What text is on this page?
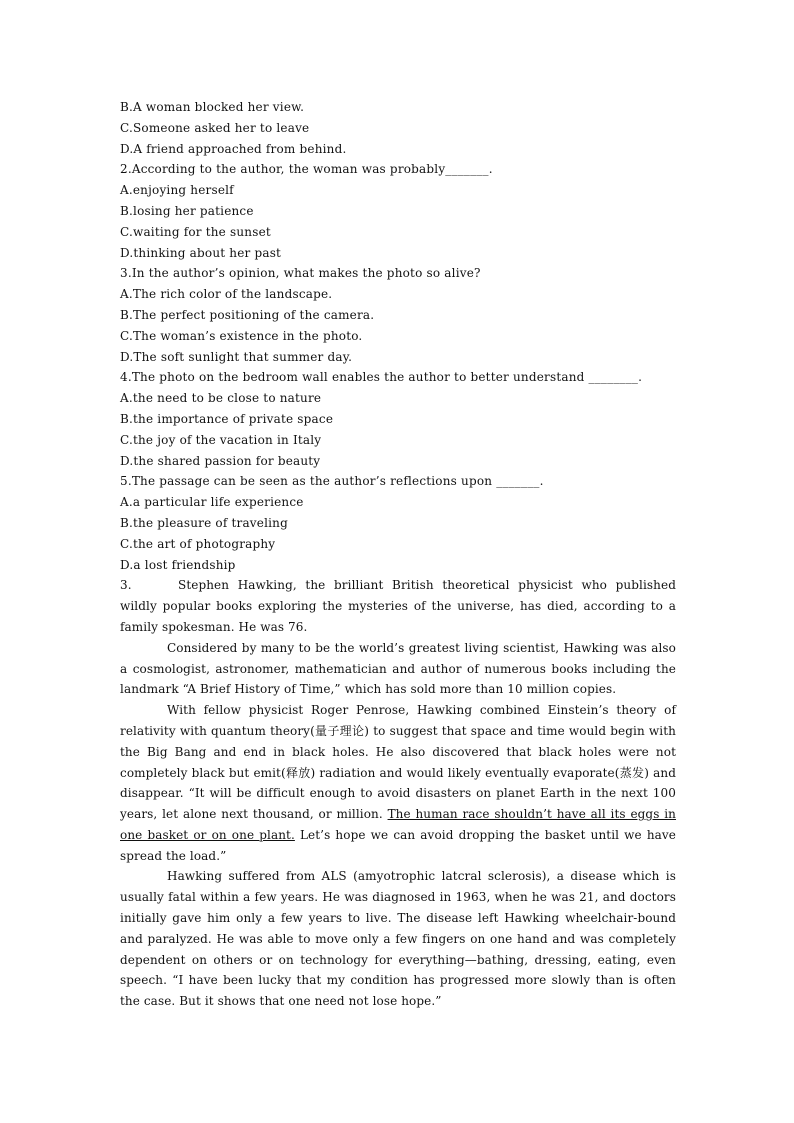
B.A woman blocked her view.
C.Someone asked her to leave
D.A friend approached from behind.
2.According to the author, the woman was probably_______.
A.enjoying herself
B.losing her patience
C.waiting for the sunset
D.thinking about her past
3.In the author’s opinion, what makes the photo so alive?
A.The rich color of the landscape.
B.The perfect positioning of the camera.
C.The woman’s existence in the photo.
D.The soft sunlight that summer day.
4.The photo on the bedroom wall enables the author to better understand ________.
A.the need to be close to nature
B.the importance of private space
C.the joy of the vacation in Italy
D.the shared passion for beauty
5.The passage can be seen as the author’s reflections upon _______.
A.a particular life experience
B.the pleasure of traveling
C.the art of photography
D.a lost friendship
3.	Stephen Hawking, the brilliant British theoretical physicist who published wildly popular books exploring the mysteries of the universe, has died, according to a family spokesman. He was 76.
Considered by many to be the world’s greatest living scientist, Hawking was also a cosmologist, astronomer, mathematician and author of numerous books including the landmark “A Brief History of Time,” which has sold more than 10 million copies.
With fellow physicist Roger Penrose, Hawking combined Einstein’s theory of relativity with quantum theory(量子理论) to suggest that space and time would begin with the Big Bang and end in black holes. He also discovered that black holes were not completely black but emit(释放) radiation and would likely eventually evaporate(蒸发) and disappear. “It will be difficult enough to avoid disasters on planet Earth in the next 100 years, let alone next thousand, or million. The human race shouldn’t have all its eggs in one basket or on one plant. Let’s hope we can avoid dropping the basket until we have spread the load.”
Hawking suffered from ALS (amyotrophic latcral sclerosis), a disease which is usually fatal within a few years. He was diagnosed in 1963, when he was 21, and doctors initially gave him only a few years to live. The disease left Hawking wheelchair-bound and paralyzed. He was able to move only a few fingers on one hand and was completely dependent on others or on technology for everything—bathing, dressing, eating, even speech. “I have been lucky that my condition has progressed more slowly than is often the case. But it shows that one need not lose hope.”
